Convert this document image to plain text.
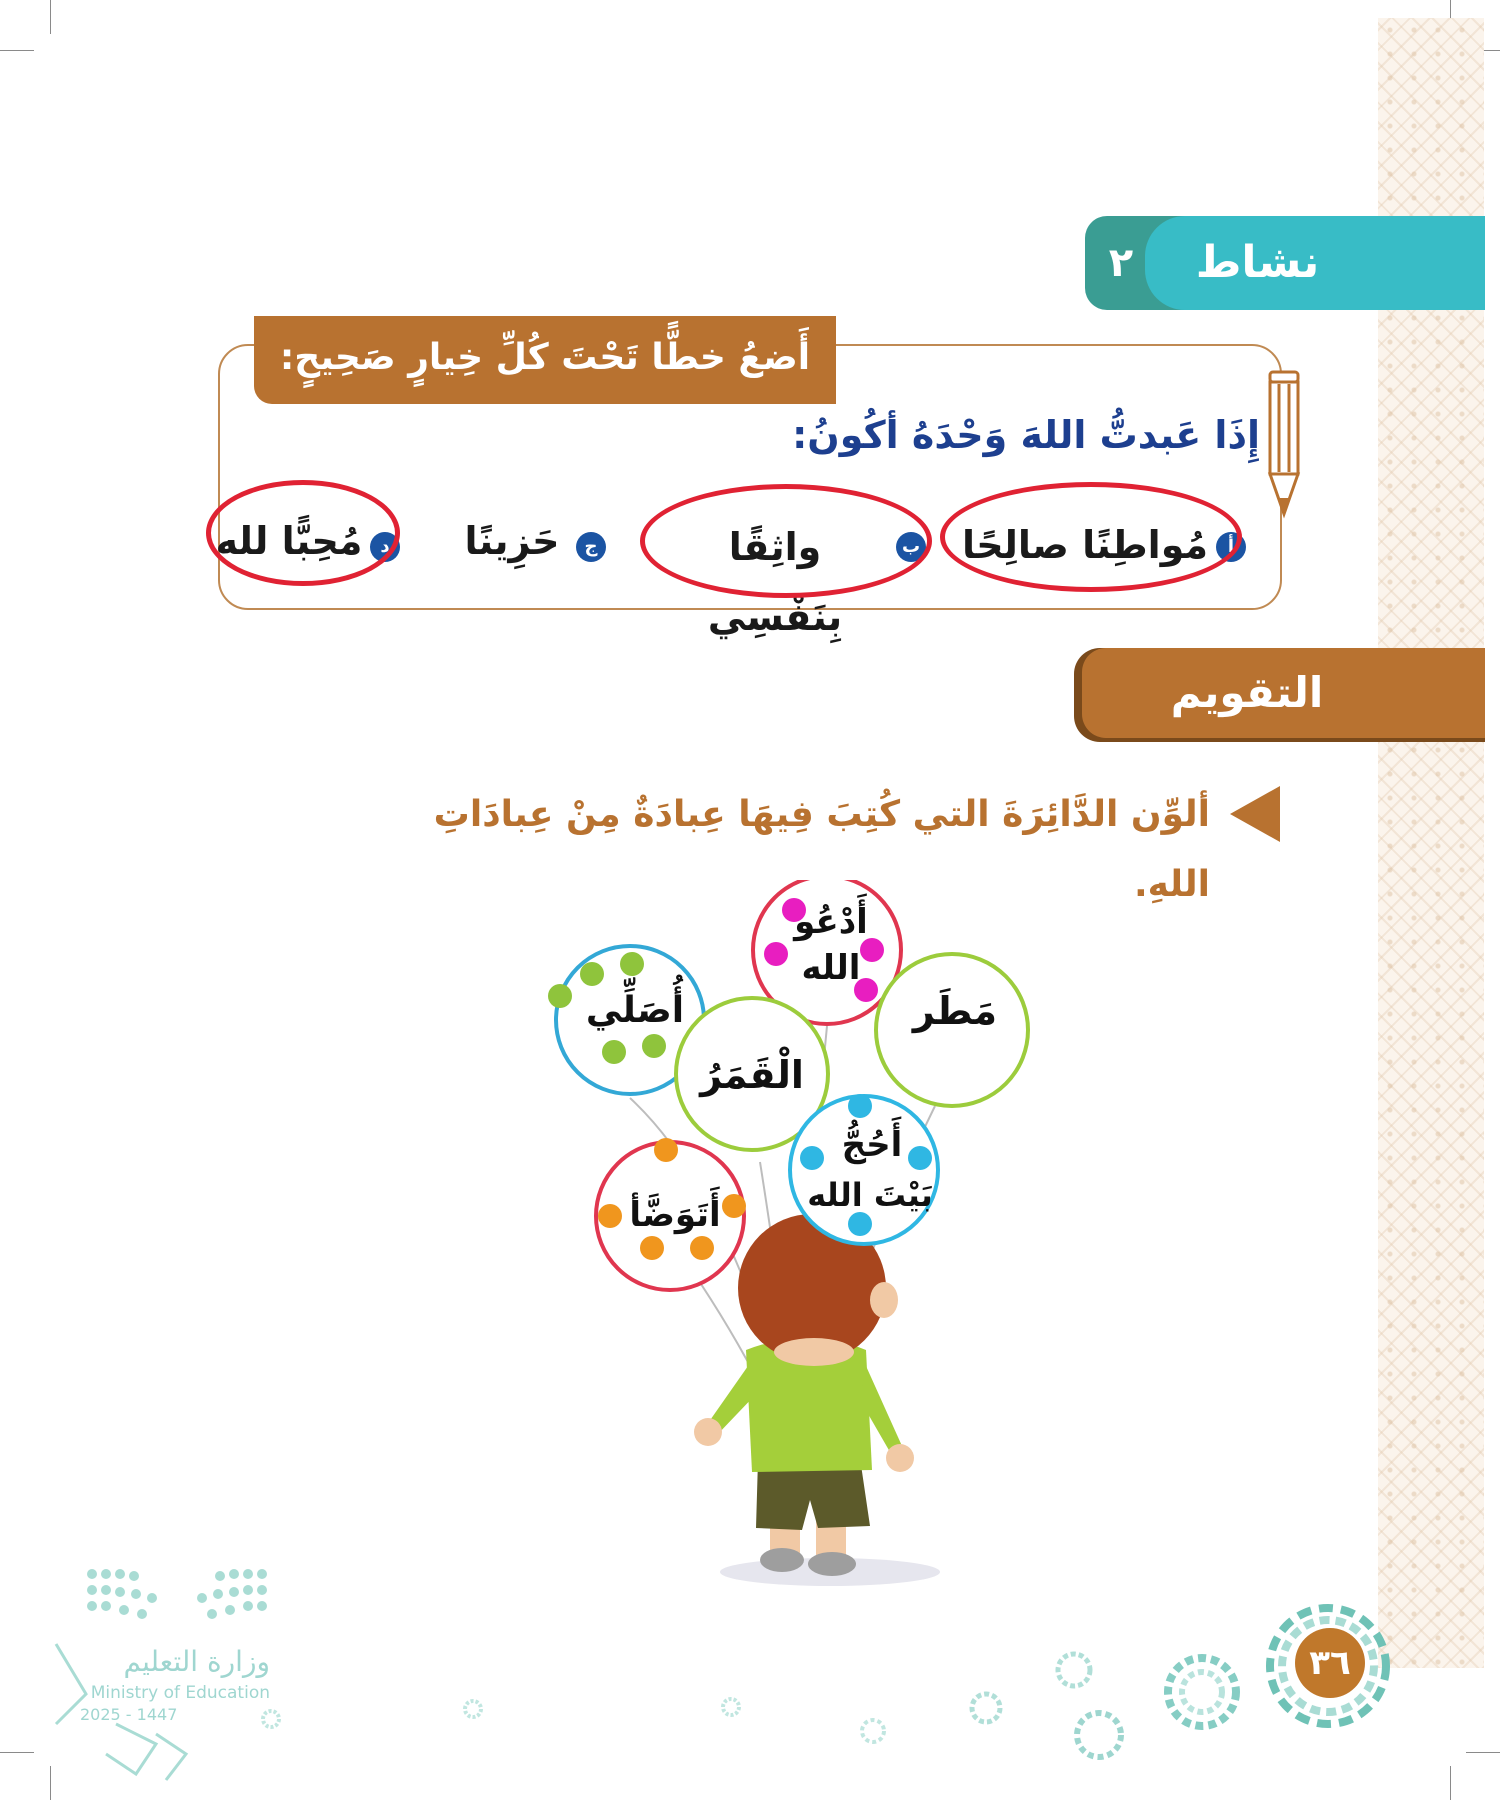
نشاط
٢
أَضعُ خطًّا تَحْتَ كُلِّ خِيارٍ صَحِيحٍ:
إِذَا عَبدتُّ اللهَ وَحْدَهُ أكُونُ:
أ
مُواطِنًا صالِحًا
ب
واثِقًا بِنَفْسِي
ج
حَزِينًا
د
مُحِبًّا لله
التقويم
ألوِّن الدَّائِرَةَ التي كُتِبَ فِيهَا عِبادَةٌ مِنْ عِبادَاتِ اللهِ.
أَدْعُو
الله
أُصَلِّي	مَطَر
الْقَمَرُ
أَحُجُّ
بَيْتَ الله
أَتَوَضَّأ
٣٦
وزارة التعليم
Ministry of Education
2025 - 1447
